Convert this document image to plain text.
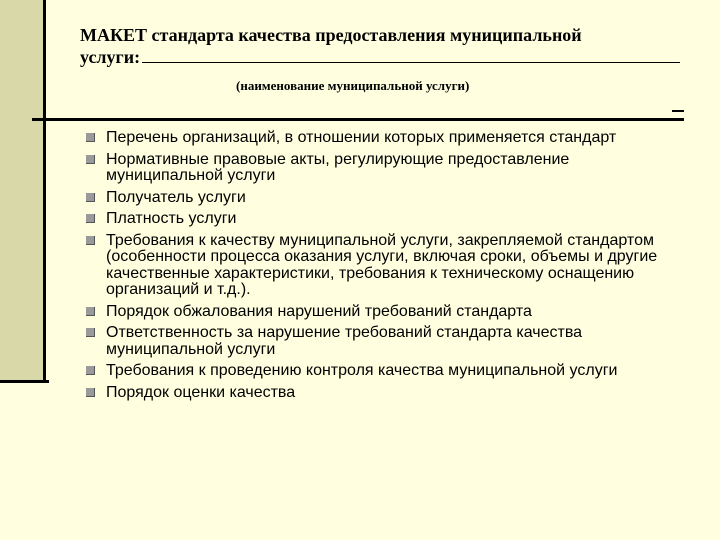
МАКЕТ стандарта качества предоставления муниципальной
услуги:
(наименование муниципальной услуги)
Перечень организаций, в отношении которых применяется стандарт
Нормативные правовые акты, регулирующие предоставление муниципальной услуги
Получатель услуги
Платность услуги
Требования к качеству муниципальной услуги, закрепляемой стандартом (особенности процесса оказания услуги, включая сроки, объемы и другие качественные характеристики, требования к техническому оснащению организаций и т.д.).
Порядок обжалования нарушений требований стандарта
Ответственность за нарушение требований стандарта качества муниципальной услуги
Требования к проведению контроля качества муниципальной услуги
Порядок оценки качества
